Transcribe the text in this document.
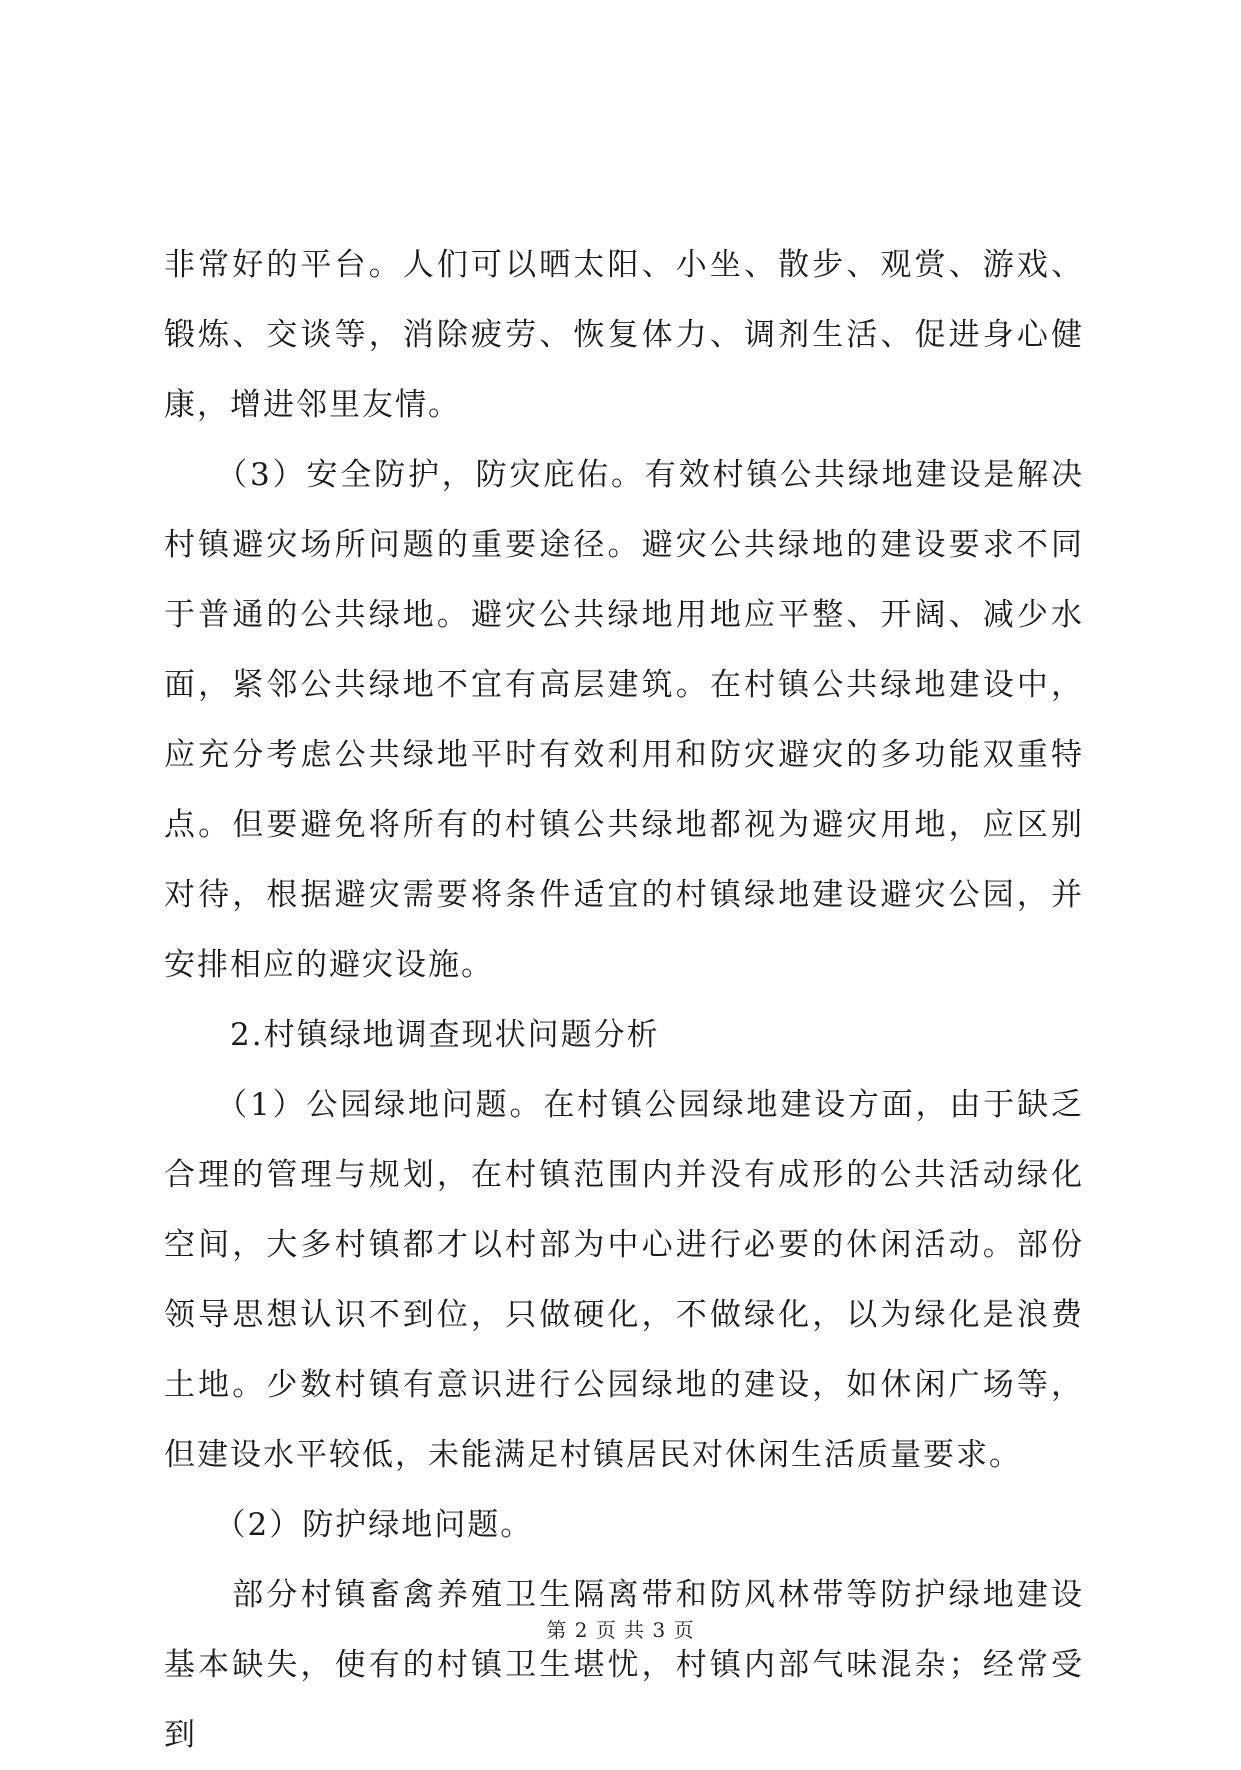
非常好的平台。人们可以晒太阳、小坐、散步、观赏、游戏、锻炼、交谈等，消除疲劳、恢复体力、调剂生活、促进身心健康，增进邻里友情。

　　（3）安全防护，防灾庇佑。有效村镇公共绿地建设是解决村镇避灾场所问题的重要途径。避灾公共绿地的建设要求不同于普通的公共绿地。避灾公共绿地用地应平整、开阔、减少水面，紧邻公共绿地不宜有高层建筑。在村镇公共绿地建设中，应充分考虑公共绿地平时有效利用和防灾避灾的多功能双重特点。但要避免将所有的村镇公共绿地都视为避灾用地，应区别对待，根据避灾需要将条件适宜的村镇绿地建设避灾公园，并安排相应的避灾设施。

　　2.村镇绿地调查现状问题分析

　　（1）公园绿地问题。在村镇公园绿地建设方面，由于缺乏合理的管理与规划，在村镇范围内并没有成形的公共活动绿化空间，大多村镇都才以村部为中心进行必要的休闲活动。部份领导思想认识不到位，只做硬化，不做绿化，以为绿化是浪费土地。少数村镇有意识进行公园绿地的建设，如休闲广场等，但建设水平较低，未能满足村镇居民对休闲生活质量要求。

　　（2）防护绿地问题。

　　部分村镇畜禽养殖卫生隔离带和防风林带等防护绿地建设基本缺失，使有的村镇卫生堪忧，村镇内部气味混杂；经常受到

第 2 页 共 3 页
